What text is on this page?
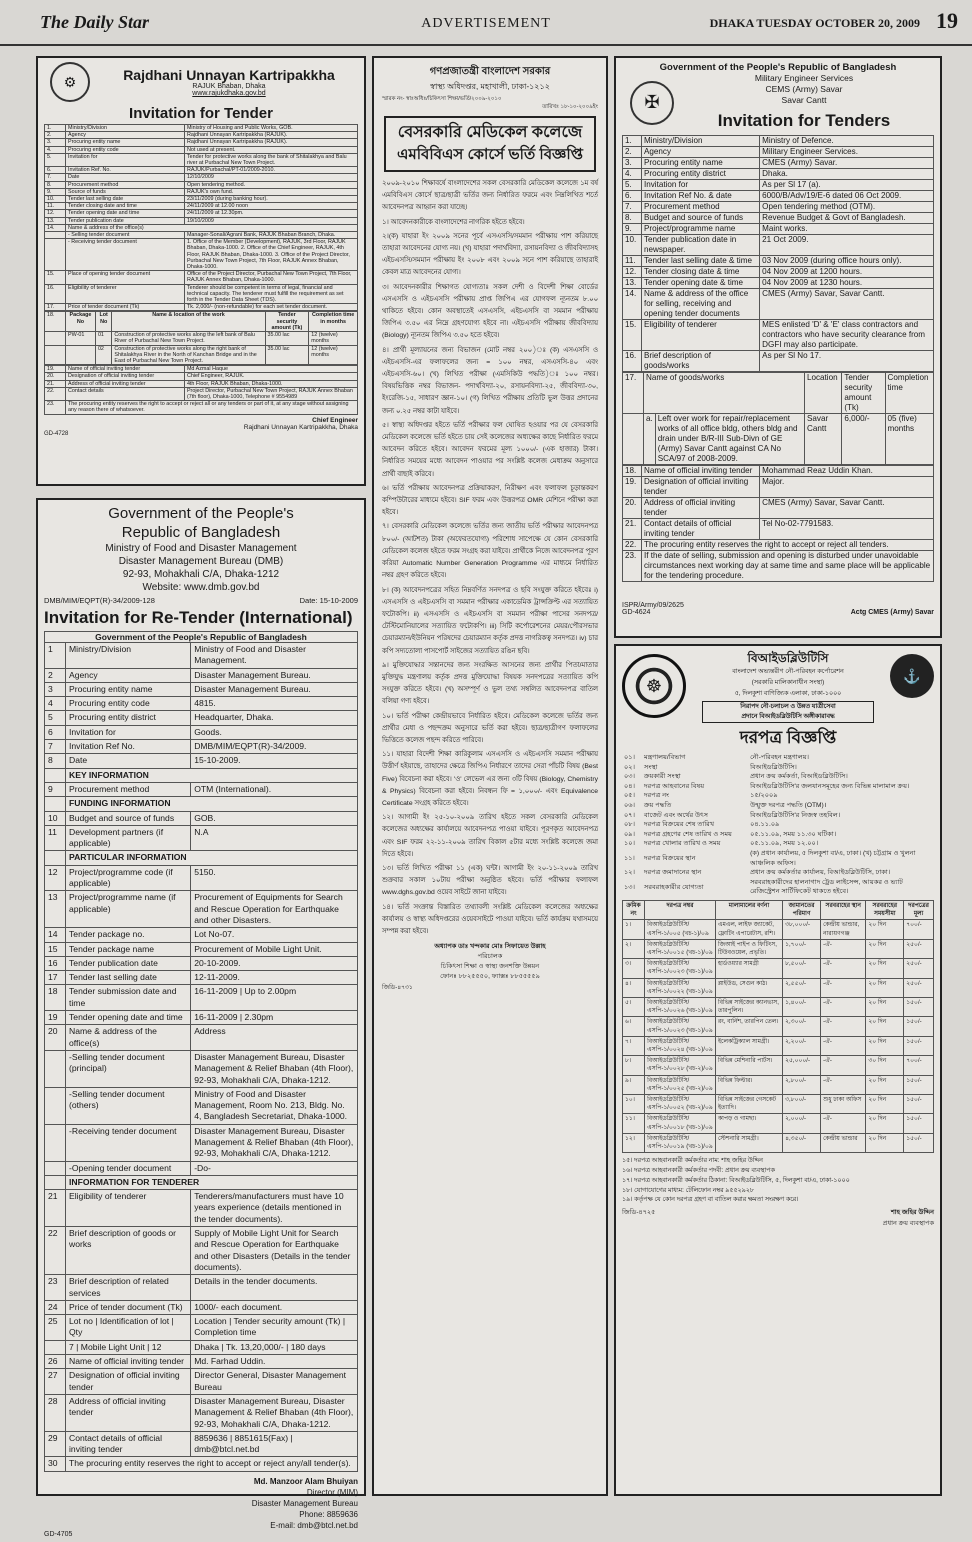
The Daily Star	ADVERTISEMENT	DHAKA TUESDAY OCTOBER 20, 2009 19
⚙	Rajdhani Unnayan Kartripakkha
RAJUK Bhaban, Dhaka
www.rajukdhaka.gov.bd
Invitation for Tender
1.	Ministry/Division	Ministry of Housing and Public Works, GOB.
2.	Agency	Rajdhani Unnayan Kartripakkha (RAJUK).
3.	Procuring entity name	Rajdhani Unnayan Kartripakkha (RAJUK).
4.	Procuring entity code	Not used at present.
5.	Invitation for	Tender for protective works along the bank of Shitalakhya and Balu river at Purbachal New Town Project.
6.	Invitation Ref. No.	RAJUK/Purbachal/PT-01/2009-2010.
7.	Date	12/10/2009
8.	Procurement method	Open tendering method.
9.	Source of funds	RAJUK's own fund.
10.	Tender last selling date	23/11/2009 (during banking hour).
11.	Tender closing date and time	24/11/2009 at 12.00 noon
12.	Tender opening date and time	24/11/2009 at 12.30pm.
13.	Tender publication date	19/10/2009
14.	Name & address of the office(s)	
	- Selling tender document	Manager-Sonali/Agrani Bank, RAJUK Bhaban Branch, Dhaka.
	- Receiving tender document	1. Office of the Member (Development), RAJUK, 3rd Floor, RAJUK Bhaban, Dhaka-1000. 2. Office of the Chief Engineer, RAJUK, 4th Floor, RAJUK Bhaban, Dhaka-1000. 3. Office of the Project Director, Purbachal New Town Project, 7th Floor, RAJUK Annex Bhaban, Dhaka-1000.
15.	Place of opening tender document	Office of the Project Director, Purbachal New Town Project, 7th Floor, RAJUK Annex Bhaban, Dhaka-1000.
16.	Eligibility of tenderer	Tenderer should be competent in terms of legal, financial and technical capacity. The tenderer must fulfill the requirement as set forth in the Tender Data Sheet (TDS).
17.	Price of tender document (Tk)	Tk. 2,000/- (non-refundable) for each set tender document.
18.	Package No	Lot No	Name & location of the work	Tender security amount (Tk)	Completion time in months
	PW-01	01	Construction of protective works along the left bank of Balu River of Purbachal New Town Project.	35.00 lac	12 (twelve) months
		02	Construction of protective works along the right bank of Shitalakhya River in the North of Kanchan Bridge and in the East of Purbachal New Town Project.	35.00 lac	12 (twelve) months
19.	Name of official inviting tender	Md Azmal Haque
20.	Designation of official inviting tender	Chief Engineer, RAJUK.
21.	Address of official inviting tender	4th Floor, RAJUK Bhaban, Dhaka-1000.
22.	Contact details	Project Director, Purbachal New Town Project, RAJUK Annex Bhaban (7th floor), Dhaka-1000, Telephone # 9554989
23.	The procuring entity reserves the right to accept or reject all or any tenders or part of it, at any stage without assigning any reason there of whatsoever.	
Chief Engineer
Rajdhani Unnayan Kartripakkha, Dhaka
GD-4728
Government of the People's
Republic of Bangladesh
Ministry of Food and Disaster Management
Disaster Management Bureau (DMB)
92-93, Mohakhali C/A, Dhaka-1212
Website: www.dmb.gov.bd
DMB/MIM/EQPT(R)-34/2009-128	Date: 15-10-2009
Invitation for Re-Tender (International)
Government of the People's Republic of Bangladesh
1	Ministry/Division	Ministry of Food and Disaster Management.
2	Agency	Disaster Management Bureau.
3	Procuring entity name	Disaster Management Bureau.
4	Procuring entity code	4815.
5	Procuring entity district	Headquarter, Dhaka.
6	Invitation for	Goods.
7	Invitation Ref No.	DMB/MIM/EQPT(R)-34/2009.
8	Date	15-10-2009.
	KEY INFORMATION	
9	Procurement method	OTM (International).
	FUNDING INFORMATION	
10	Budget and source of funds	GOB.
11	Development partners (if applicable)	N.A
	PARTICULAR INFORMATION	
12	Project/programme code (if applicable)	5150.
13	Project/programme name (if applicable)	Procurement of Equipments for Search and Rescue Operation for Earthquake and other Disasters.
14	Tender package no.	Lot No-07.
15	Tender package name	Procurement of Mobile Light Unit.
16	Tender publication date	20-10-2009.
17	Tender last selling date	12-11-2009.
18	Tender submission date and time	16-11-2009 | Up to 2.00pm
19	Tender opening date and time	16-11-2009 | 2.30pm
20	Name & address of the office(s)	Address
	-Selling tender document (principal)	Disaster Management Bureau, Disaster Management & Relief Bhaban (4th Floor), 92-93, Mohakhali C/A, Dhaka-1212.
	-Selling tender document (others)	Ministry of Food and Disaster Management, Room No. 213, Bldg. No. 4, Bangladesh Secretariat, Dhaka-1000.
	-Receiving tender document	Disaster Management Bureau, Disaster Management & Relief Bhaban (4th Floor), 92-93, Mohakhali C/A, Dhaka-1212.
	-Opening tender document	-Do-
	INFORMATION FOR TENDERER	
21	Eligibility of tenderer	Tenderers/manufacturers must have 10 years experience (details mentioned in the tender documents).
22	Brief description of goods or works	Supply of Mobile Light Unit for Search and Rescue Operation for Earthquake and other Disasters (Details in the tender documents).
23	Brief description of related services	Details in the tender documents.
24	Price of tender document (Tk)	1000/- each document.
25	Lot no | Identification of lot | Qty	Location | Tender security amount (Tk) | Completion time
	7 | Mobile Light Unit | 12	Dhaka | Tk. 13,20,000/- | 180 days
26	Name of official inviting tender	Md. Farhad Uddin.
27	Designation of official inviting tender	Director General, Disaster Management Bureau
28	Address of official inviting tender	Disaster Management Bureau, Disaster Management & Relief Bhaban (4th Floor), 92-93, Mohakhali C/A, Dhaka-1212.
29	Contact details of official inviting tender	8859636 | 8851615(Fax) | dmb@btcl.net.bd
30	The procuring entity reserves the right to accept or reject any/all tender(s).	
Md. Manzoor Alam Bhuiyan
Director (MIM)
Disaster Management Bureau
Phone: 8859636
E-mail: dmb@btcl.net.bd
GD-4705
গণপ্রজাতন্ত্রী বাংলাদেশ সরকার
স্বাস্থ্য অধিদপ্তর, মহাখালী, ঢাকা-১২১২
স্মারক নং- স্বাঃঅধিঃ/চিকিৎসা শিক্ষা/ভর্তি/২০০৯-২০১০
তারিখঃ ১৮-১০-২০০৯ইং
বেসরকারি মেডিকেল কলেজে
এমবিবিএস কোর্সে ভর্তি বিজ্ঞপ্তি

২০০৯-২০১০ শিক্ষাবর্ষে বাংলাদেশের সকল বেসরকারি মেডিকেল কলেজে ১ম বর্ষ এমবিবিএস কোর্সে ছাত্র/ছাত্রী ভর্তির জন্য নির্ধারিত ফরমে এবং নিম্নলিখিত শর্তে আবেদনপত্র আহ্বান করা যাচ্ছে।

১। আবেদনকারীকে বাংলাদেশের নাগরিক হইতে হইবে।

২।(ক) যাহারা ইং ২০০৯ সনের পূর্বে এসএসসি/সমমান পরীক্ষায় পাশ করিয়াছে তাহারা আবেদনের যোগ্য নয়। (খ) যাহারা পদার্থবিদ্যা, রসায়নবিদ্যা ও জীববিদ্যাসহ এইচএসসি/সমমান পরীক্ষায় ইং ২০০৮ এবং ২০০৯ সনে পাশ করিয়াছে তাহারাই কেবল মাত্র আবেদনের যোগ্য।

৩। আবেদনকারীর শিক্ষাগত যোগ্যতাঃ সকল দেশী ও বিদেশী শিক্ষা বোর্ডের এসএসসি ও এইচএসসি পরীক্ষায় প্রাপ্ত জিপিএ এর যোগফল ন্যূনতম ৮.০০ থাকিতে হইবে। কোন অবস্থাতেই এসএসসি, এইচএসসি বা সমমান পরীক্ষায় জিপিএ ৩.৫০ এর নিম্নে গ্রহণযোগ্য হইবে না। এইচএসসি পরীক্ষায় জীববিদ্যায় (Biology) ন্যূনতম জিপিএ ৩.৫০ হতে হইবে।

৪। প্রার্থী মূল্যায়নের জন্য বিভাজন (মোট নম্বর ২০০)ঃ (ক) এসএসসি ও এইচএসসি-এর ফলাফলের জন্য = ১০০ নম্বর, এসএসসি-৪০ এবং এইচএসসি-৬০। (খ) লিখিত পরীক্ষা (এমসিকিউ পদ্ধতি)ঃ ১০০ নম্বর। বিষয়ভিত্তিক নম্বর বিভাজন- পদার্থবিদ্যা-২০, রসায়নবিদ্যা-২৫, জীববিদ্যা-৩০, ইংরেজি-১৫, সাধারণ জ্ঞান-১০। (গ) লিখিত পরীক্ষায় প্রতিটি ভুল উত্তর প্রদানের জন্য ০.২৫ নম্বর কাটা যাইবে।

৫। স্বাস্থ্য অধিদপ্তর হইতে ভর্তি পরীক্ষার ফল ঘোষিত হওয়ার পর যে বেসরকারি মেডিকেল কলেজে ভর্তি হইতে চায় সেই কলেজের অধ্যক্ষের কাছে নির্ধারিত ফরমে আবেদন করিতে হইবে। আবেদন ফরমের মূল্য ১০০০/- (এক হাজার) টাকা। নির্ধারিত সময়ের মধ্যে আবেদন পাওয়ার পর সংশ্লিষ্ট কলেজ মেধাক্রম অনুসারে প্রার্থী বাছাই করিবে।

৬। ভর্তি পরীক্ষায় আবেদনপত্র প্রক্রিয়াকরণ, নিরীক্ষণ এবং ফলাফল চূড়ান্তকরণ কম্পিউটারের মাধ্যমে হইবে। SIF ফরম এবং উত্তরপত্র OMR মেশিনে পরীক্ষা করা হইবে।

৭। বেসরকারি মেডিকেল কলেজে ভর্তির জন্য জাতীয় ভর্তি পরীক্ষার আবেদনপত্র ৮০০/- (আটশত) টাকা (অফেরতযোগ্য) পরিশোধ সাপেক্ষে যে কোন বেসরকারি মেডিকেল কলেজ হইতে ফরম সংগ্রহ করা যাইবে। প্রার্থীকে নিজে আবেদনপত্র পূরণ করিয়া Automatic Number Generation Programme এর মাধ্যমে নির্ধারিত নম্বর গ্রহণ করিতে হইবে।

৮। (ক) আবেদনপত্রের সহিত নিম্নবর্ণিত সনদপত্র ও ছবি সংযুক্ত করিতে হইবেঃ i) এসএসসি ও এইচএসসি বা সমমান পরীক্ষার একাডেমিক ট্রান্সক্রিপ্ট এর সত্যায়িত ফটোকপি। ii) এসএসসি ও এইচএসসি বা সমমান পরীক্ষা পাসের সনদপত্র/টেস্টিমোনিয়ালের সত্যায়িত ফটোকপি। iii) সিটি কর্পোরেশনের মেয়র/পৌরসভার চেয়ারম্যান/ইউনিয়ন পরিষদের চেয়ারম্যান কর্তৃক প্রদত্ত নাগরিকত্ব সনদপত্র। iv) চার কপি সদ্যতোলা পাসপোর্ট সাইজের সত্যায়িত রঙিন ছবি।

৯। মুক্তিযোদ্ধার সন্তানদের জন্য সংরক্ষিত আসনের জন্য প্রার্থীর পিতা/মাতার মুক্তিযুদ্ধ মন্ত্রণালয় কর্তৃক প্রদত্ত মুক্তিযোদ্ধা বিষয়ক সনদপত্রের সত্যায়িত কপি সংযুক্ত করিতে হইবে। (খ) অসম্পূর্ণ ও ভুল তথ্য সম্বলিত আবেদনপত্র বাতিল বলিয়া গণ্য হইবে।

১০। ভর্তি পরীক্ষা কেন্দ্রীয়ভাবে নির্ধারিত হইবে। মেডিকেল কলেজে ভর্তির জন্য প্রার্থীর মেধা ও পছন্দক্রম অনুসারে ভর্তি করা হইবে। ছাত্র/ছাত্রীগণ ফলাফলের ভিত্তিতে কলেজ পছন্দ করিতে পারিবে।

১১। যাহারা বিদেশী শিক্ষা কারিকুলাম এসএসসি ও এইচএসসি সমমান পরীক্ষায় উত্তীর্ণ হইয়াছে, তাহাদের ক্ষেত্রে জিপিএ নির্ধারণে তাদের সেরা পাঁচটি বিষয় (Best Five) বিবেচনা করা হইবে। 'ও' লেভেল এর জন্য ৩টি বিষয় (Biology, Chemistry & Physics) বিবেচনা করা হইবে। নিবন্ধন ফি = ১,০০০/- এবং Equivalence Certificate সংগ্রহ করিতে হইবে।

১২। আগামী ইং ২৫-১০-২০০৯ তারিখ হইতে সকল বেসরকারি মেডিকেল কলেজের অধ্যক্ষের কার্যালয়ে আবেদনপত্র পাওয়া যাইবে। পূরণকৃত আবেদনপত্র এবং SIF ফরম ২২-১১-২০০৯ তারিখ বিকাল ৫টার মধ্যে সংশ্লিষ্ট কলেজে জমা দিতে হইবে।

১৩। ভর্তি লিখিত পরীক্ষা ১১ (এক) ঘন্টা। আগামী ইং ২০-১১-২০০৯ তারিখ শুক্রবার সকাল ১০টায় পরীক্ষা অনুষ্ঠিত হইবে। ভর্তি পরীক্ষার ফলাফল www.dghs.gov.bd ওয়েব সাইটে জানা যাইবে।

১৪। ভর্তি সংক্রান্ত বিস্তারিত তথ্যাবলী সংশ্লিষ্ট মেডিকেল কলেজের অধ্যক্ষের কার্যালয় ও স্বাস্থ্য অধিদপ্তরের ওয়েবসাইটে পাওয়া যাইবে। ভর্তি কার্যক্রম যথাসময়ে সম্পন্ন করা হইবে।

অধ্যাপক ডাঃ খন্দকার মোঃ সিফায়েত উল্লাহ
পরিচালক
চিকিৎসা শিক্ষা ও স্বাস্থ্য জনশক্তি উন্নয়ন
ফোনঃ ৮৮২৫৫৫০, ফ্যাক্সঃ ৮৮৫৫৫৫৯
জিডি-৪৭৩১
Government of the People's Republic of Bangladesh
✠
Military Engineer Services
CEMS (Army) Savar
Savar Cantt
Invitation for Tenders
1.	Ministry/Division	Ministry of Defence.
2.	Agency	Military Engineer Services.
3.	Procuring entity name	CMES (Army) Savar.
4.	Procuring entity district	Dhaka.
5.	Invitation for	As per Sl 17 (a).
6.	Invitation Ref No. & date	6000/B/Adv/19/E-6 dated 06 Oct 2009.
7.	Procurement method	Open tendering method (OTM).
8.	Budget and source of funds	Revenue Budget & Govt of Bangladesh.
9.	Project/programme name	Maint works.
10.	Tender publication date in newspaper.	21 Oct 2009.
11.	Tender last selling date & time	03 Nov 2009 (during office hours only).
12.	Tender closing date & time	04 Nov 2009 at 1200 hours.
13.	Tender opening date & time	04 Nov 2009 at 1230 hours.
14.	Name & address of the office for selling, receiving and opening tender documents	CMES (Army) Savar, Savar Cantt.
15.	Eligibility of tenderer	MES enlisted 'D' & 'E' class contractors and contractors who have security clearance from DGFI may also participate.
16.	Brief description of goods/works	As per Sl No 17.
17.	Name of goods/works		Location	Tender security amount (Tk)	Completion time
	a.	Left over work for repair/replacement works of all office bldg, others bldg and drain under B/R-III Sub-Divn of GE (Army) Savar Cantt against CA No SCA/97 of 2008-2009.	Savar Cantt	6,000/-	05 (five) months
18.	Name of official inviting tender	Mohammad Reaz Uddin Khan.
19.	Designation of official inviting tender	Major.
20.	Address of official inviting tender	CMES (Army) Savar, Savar Cantt.
21.	Contact details of official inviting tender	Tel No-02-7791583.
22.	The procuring entity reserves the right to accept or reject all tenders.	
23.	If the date of selling, submission and opening is disturbed under unavoidable circumstances next working day at same time and same place will be applicable for the tendering procedure.	
ISPR/Army/09/2625
GD-4624	Actg CMES (Army) Savar
☸
বিআইডব্লিউটিসি
বাংলাদেশ অভ্যন্তরীণ নৌ-পরিবহন কর্পোরেশন
(সরকারি মালিকানাধীন সংস্থা)
৫, দিলকুশা বাণিজ্যিক এলাকা, ঢাকা-১০০০
নিরাপদ নৌ-চলাচল ও উন্নত যাত্রীসেবা
প্রদানে বিআইডব্লিউটিসি অঙ্গীকারাবদ্ধ
দরপত্র বিজ্ঞপ্তি
⚓
০১।	মন্ত্রণালয়/বিভাগ	নৌ-পরিবহন মন্ত্রণালয়।
০২।	সংস্থা	বিআইডব্লিউটিসি।
০৩।	ক্রয়কারী সংস্থা	প্রধান ক্রয় কর্মকর্তা, বিআইডব্লিউটিসি।
০৪।	দরপত্র আহবানের বিষয়	বিআইডব্লিউটিসি'র জলযানসমূহের জন্য বিভিন্ন মালামাল ক্রয়।
০৫।	দরপত্র নং	১৫/২০০৯
০৬।	ক্রয় পদ্ধতি	উন্মুক্ত দরপত্র পদ্ধতি (OTM)।
০৭।	বাজেট এবং অর্থের উৎস	বিআইডব্লিউটিসি'র নিজস্ব তহবিল।
০৮।	দরপত্র বিক্রয়ের শেষ তারিখ	০৪.১১.০৯
০৯।	দরপত্র গ্রহণের শেষ তারিখ ও সময়	০৫.১১.০৯, সময় ১১.৩০ ঘটিকা।
১০।	দরপত্র খোলার তারিখ ও সময়	০৫.১১.০৯, সময় ১২.০০।
১১।	দরপত্র বিক্রয়ের স্থান	(ক) প্রধান কার্যালয়, ৫ দিলকুশা বা/এ, ঢাকা। (খ) চট্টগ্রাম ও খুলনা আঞ্চলিক অফিস।
১২।	দরপত্র জমাদানের স্থান	প্রধান ক্রয় কর্মকর্তার কার্যালয়, বিআইডব্লিউটিসি, ঢাকা।
১৩।	সরবরাহকারীর যোগ্যতা	সরবরাহকারীদের হালনাগাদ ট্রেড লাইসেন্স, আয়কর ও ভ্যাট রেজিস্ট্রেশন সার্টিফিকেট থাকতে হইবে।
ক্রমিক নং	দরপত্র নম্বর	মালামালের বর্ণনা	জামানতের পরিমাণ	সরবরাহের স্থান	সরবরাহের সময়সীমা	দরপত্রের মূল্য
১।	বিআইডব্লিউটিসি/এসপি-১/০০৫ (খচ-১)/০৯	এমএল, লাইফ জ্যাকেট, ফ্লোটিং এপারেটাস, রশি।	৩৮,০০০/-	কেন্দ্রীয় ভান্ডার, নারায়ণগঞ্জ	২০ দিন	৭০০/-
২।	বিআইডব্লিউটিসি/এসপি-১/০০১৫ (খচ-১)/০৯	জিআই পাইপ ও ফিটিংস, টিউবওয়েল, প্রভৃতি।	১,৭০০/-	-ঐ-	২০ দিন	২৫০/-
৩।	বিআইডব্লিউটিসি/এসপি-১/০০২৩ (খচ-১)/০৯	হার্ডওয়্যার সামগ্রী	৮,৫০০/-	-ঐ-	২০ দিন	২৫০/-
৪।	বিআইডব্লিউটিসি/এসপি-১/০০২২ (খচ-১)/০৯	প্লাইউড, সেগুন কাঠ।	২,৫৫০/-	-ঐ-	২০ দিন	২৫০/-
৫।	বিআইডব্লিউটিসি/এসপি-১/০০২৬ (খচ-১)/০৯	বিভিন্ন সাইজের ক্যানভাস, তারপুলিন।	১,৪০০/-	-ঐ-	২০ দিন	১৫০/-
৬।	বিআইডব্লিউটিসি/এসপি-১/০০২৩ (খচ-১)/০৯	রং, বার্নিশ, তারপিন তেল।	২,৩০০/-	-ঐ-	২০ দিন	১৫০/-
৭।	বিআইডব্লিউটিসি/এসপি-১/০০২৪ (খচ-১)/০৯	ইলেকট্রিক্যাল সামগ্রী।	২,২০০/-	-ঐ-	২০ দিন	১৫০/-
৮।	বিআইডব্লিউটিসি/এসপি-১/০০২৮ (খচ-২)/০৯	বিভিন্ন মেশিনারি পার্টস।	২৫,০০০/-	-ঐ-	৩০ দিন	৭০০/-
৯।	বিআইডব্লিউটিসি/এসপি-১/০০২৫ (খচ-২)/০৯	বিভিন্ন ফিল্টার।	২,৮০০/-	-ঐ-	২০ দিন	১৫০/-
১০।	বিআইডব্লিউটিসি/এসপি-১/০০৫২ (খচ-২)/০৯	বিভিন্ন সাইজের গেসকেট ইত্যাদি।	৩,৮০০/-	শুধু ঢাকা অফিস	২০ দিন	১৫০/-
১১।	বিআইডব্লিউটিসি/এসপি-১/০০১৮ (খচ-১)/০৯	কাপড় ও গামছা।	২,০০০/-	-ঐ-	২০ দিন	১৫০/-
১২।	বিআইডব্লিউটিসি/এসপি-১/০০১৯ (খচ-১)/০৯	স্টেশনারি সামগ্রী।	৪,৩৫০/-	কেন্দ্রীয় ভান্ডার	২০ দিন	১৫০/-
১৫। দরপত্র আহবানকারী কর্মকর্তার নাম: শাহ জহির উদ্দিন
১৬। দরপত্র আহবানকারী কর্মকর্তার পদবী: প্রধান ক্রয় ব্যবস্থাপক
১৭। দরপত্র আহবানকারী কর্মকর্তার ঠিকানা: বিআইডব্লিউটিসি, ৫, দিলকুশা বা/এ, ঢাকা-১০০০
১৮। যোগাযোগের মাধ্যম: টেলিফোন নম্বর ৯৫৫২৯২৮
১৯। কর্তৃপক্ষ যে কোন দরপত্র গ্রহণ বা বাতিল করার ক্ষমতা সংরক্ষণ করে।
জিডি-৪৭২৫	শাহ জহির উদ্দিন
প্রধান ক্রয় ব্যবস্থাপক
